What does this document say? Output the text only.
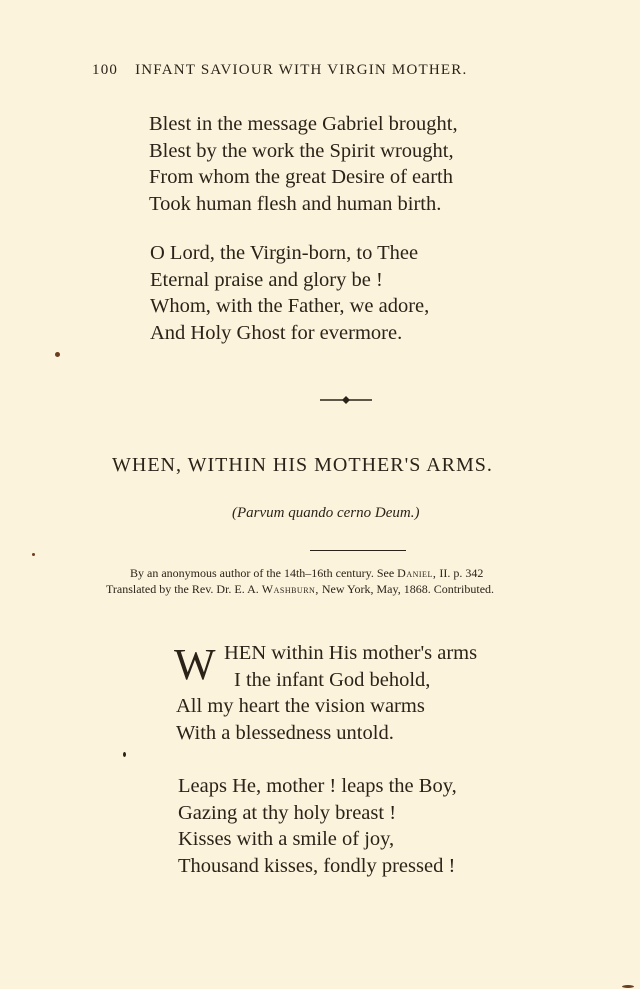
100 INFANT SAVIOUR WITH VIRGIN MOTHER.
Blest in the message Gabriel brought,
Blest by the work the Spirit wrought,
From whom the great Desire of earth
Took human flesh and human birth.
O Lord, the Virgin-born, to Thee
Eternal praise and glory be !
Whom, with the Father, we adore,
And Holy Ghost for evermore.
WHEN, WITHIN HIS MOTHER'S ARMS.
(Parvum quando cerno Deum.)
By an anonymous author of the 14th–16th century. See Daniel, II. p. 342
Translated by the Rev. Dr. E. A. Washburn, New York, May, 1868. Contributed.
W HEN within His mother's arms
I the infant God behold,
All my heart the vision warms
With a blessedness untold.
Leaps He, mother ! leaps the Boy,
Gazing at thy holy breast !
Kisses with a smile of joy,
Thousand kisses, fondly pressed !
